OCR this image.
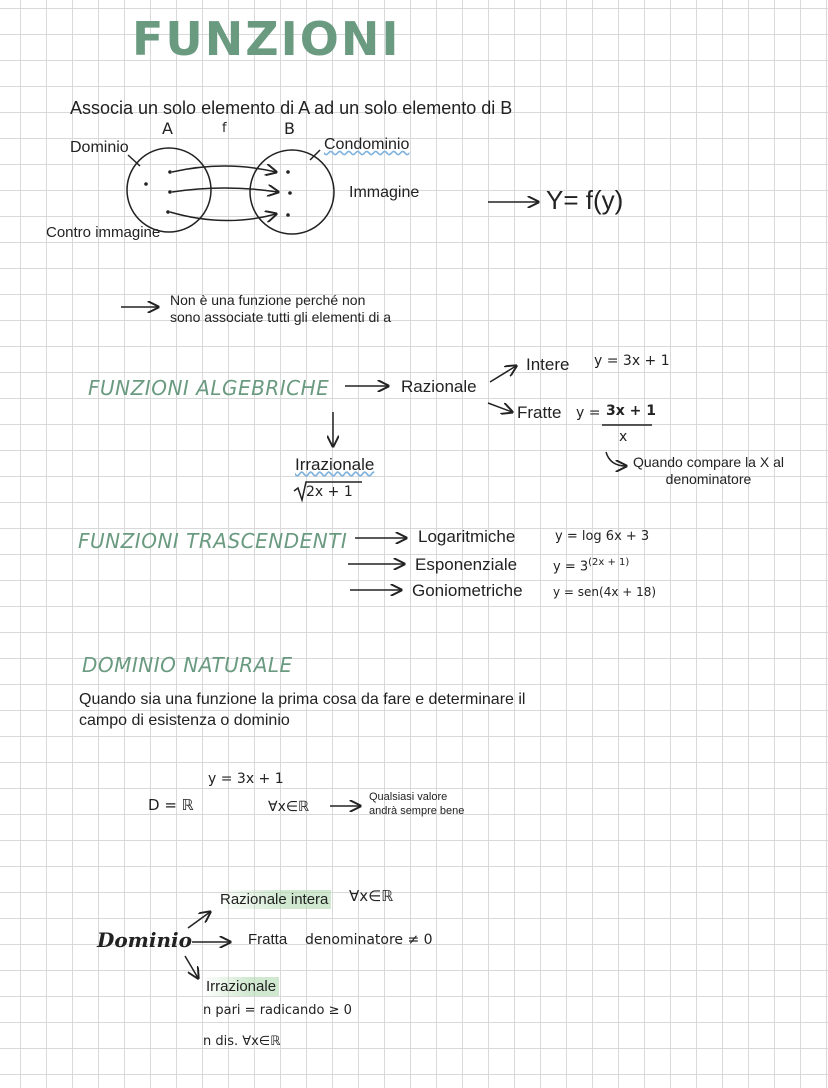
FUNZIONI
Associa un solo elemento di A ad un solo elemento di B
A	f	B
Dominio	Condominio
Immagine
Contro immagine
Y= f(y)
Non è una funzione perché non
sono associate tutti gli elementi di a
FUNZIONI ALGEBRICHE	Razionale
Intere y = 3x + 1
Fratte y = 3x + 1
x
Irrazionale
2x + 1
Quando compare la X al
denominatore
FUNZIONI TRASCENDENTI	Logaritmiche	y = log 6x + 3
Esponenziale	$y = 3^{(2x + 1)}$
Goniometriche	y = sen(4x + 18)
DOMINIO NATURALE
Quando sia una funzione la prima cosa da fare e determinare il
campo di esistenza o dominio
y = 3x + 1
D = ℝ	∀x∈ℝ
Qualsiasi valore
andrà sempre bene
Dominio
Razionale intera ∀x∈ℝ
Fratta denominatore ≠ 0
Irrazionale
n pari = radicando ≥ 0
n dis. ∀x∈ℝ
